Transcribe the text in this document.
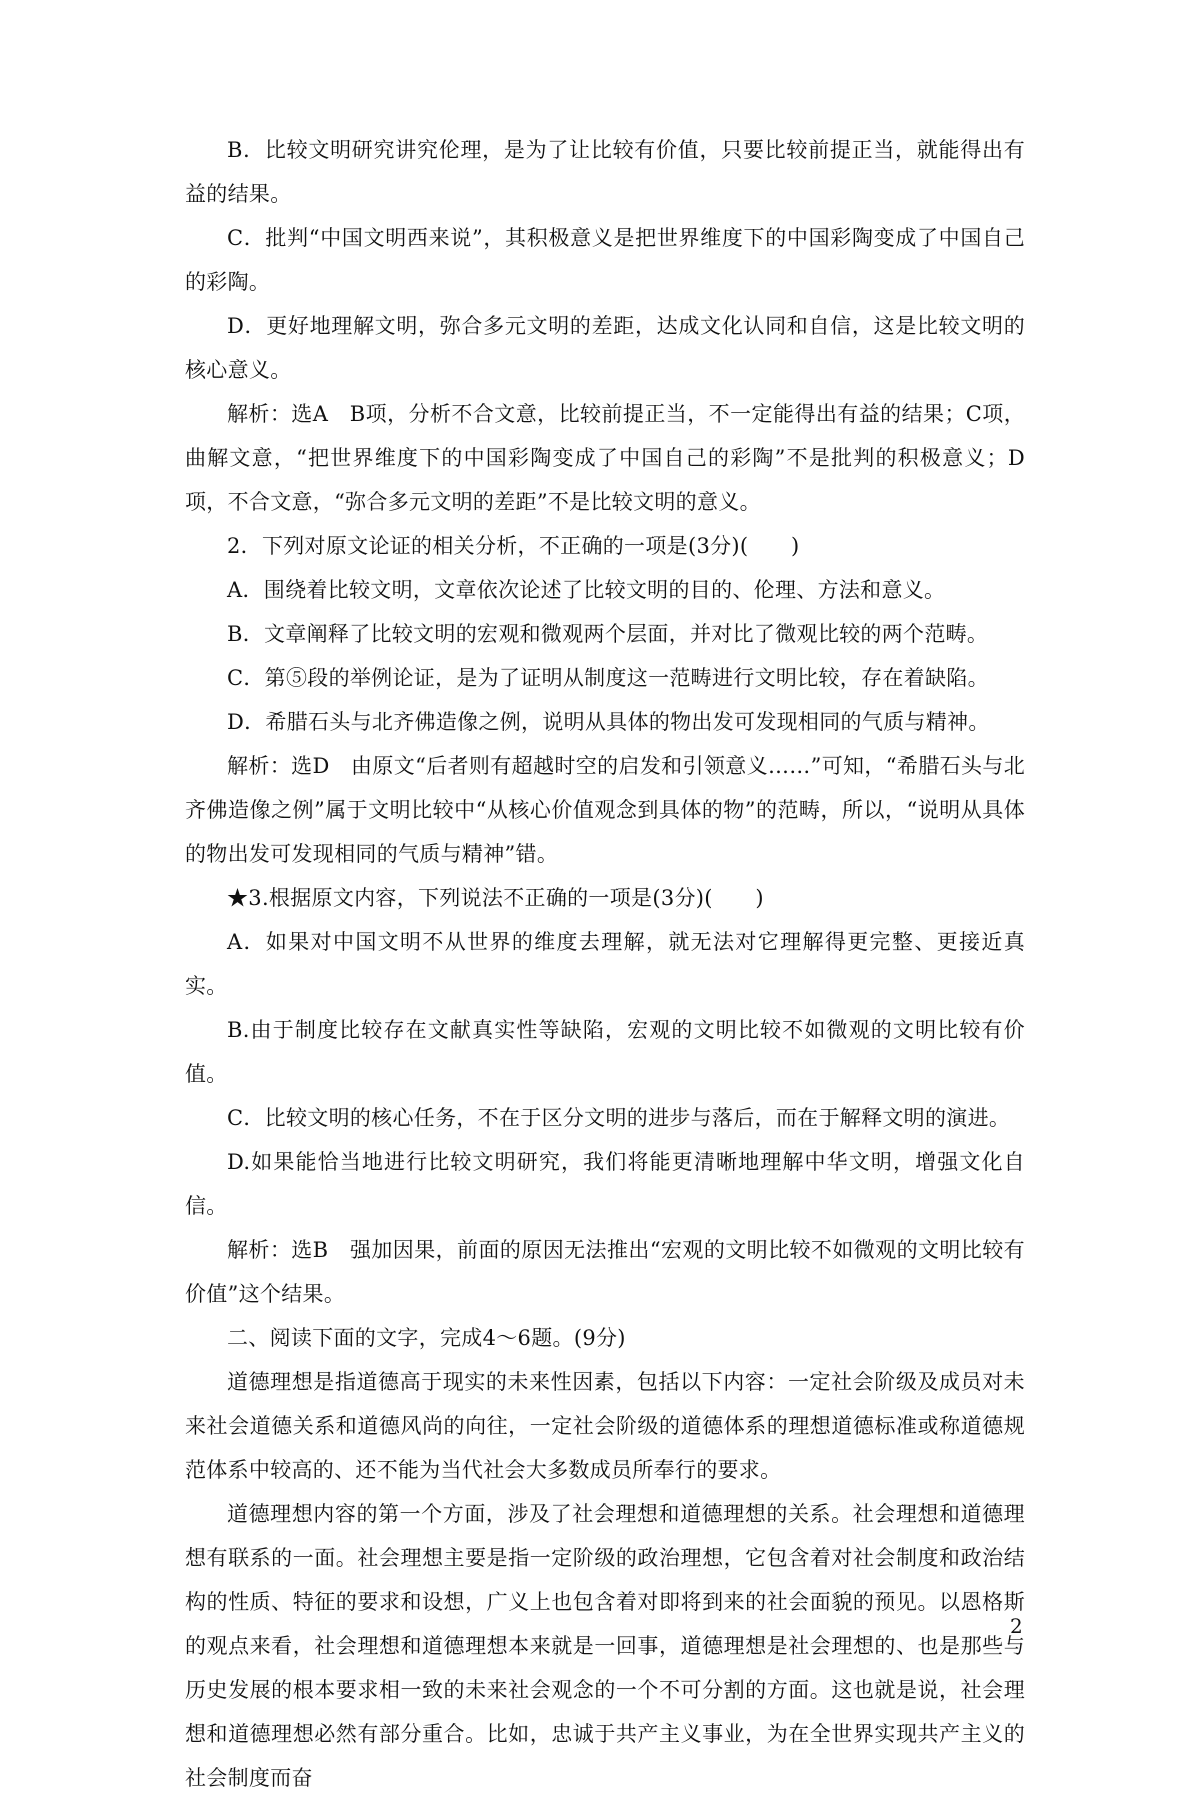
B．比较文明研究讲究伦理，是为了让比较有价值，只要比较前提正当，就能得出有益的结果。

C．批判“中国文明西来说”，其积极意义是把世界维度下的中国彩陶变成了中国自己的彩陶。

D．更好地理解文明，弥合多元文明的差距，达成文化认同和自信，这是比较文明的核心意义。

解析：选A　B项，分析不合文意，比较前提正当，不一定能得出有益的结果；C项，曲解文意，“把世界维度下的中国彩陶变成了中国自己的彩陶”不是批判的积极意义；D项，不合文意，“弥合多元文明的差距”不是比较文明的意义。

2．下列对原文论证的相关分析，不正确的一项是(3分)(　　)

A．围绕着比较文明，文章依次论述了比较文明的目的、伦理、方法和意义。

B．文章阐释了比较文明的宏观和微观两个层面，并对比了微观比较的两个范畴。

C．第⑤段的举例论证，是为了证明从制度这一范畴进行文明比较，存在着缺陷。

D．希腊石头与北齐佛造像之例，说明从具体的物出发可发现相同的气质与精神。

解析：选D　由原文“后者则有超越时空的启发和引领意义……”可知，“希腊石头与北齐佛造像之例”属于文明比较中“从核心价值观念到具体的物”的范畴，所以，“说明从具体的物出发可发现相同的气质与精神”错。

★3.根据原文内容，下列说法不正确的一项是(3分)(　　)

A．如果对中国文明不从世界的维度去理解，就无法对它理解得更完整、更接近真实。

B.由于制度比较存在文献真实性等缺陷，宏观的文明比较不如微观的文明比较有价值。

C．比较文明的核心任务，不在于区分文明的进步与落后，而在于解释文明的演进。

D.如果能恰当地进行比较文明研究，我们将能更清晰地理解中华文明，增强文化自信。

解析：选B　强加因果，前面的原因无法推出“宏观的文明比较不如微观的文明比较有价值”这个结果。

二、阅读下面的文字，完成4～6题。(9分)

道德理想是指道德高于现实的未来性因素，包括以下内容：一定社会阶级及成员对未来社会道德关系和道德风尚的向往，一定社会阶级的道德体系的理想道德标准或称道德规范体系中较高的、还不能为当代社会大多数成员所奉行的要求。

道德理想内容的第一个方面，涉及了社会理想和道德理想的关系。社会理想和道德理想有联系的一面。社会理想主要是指一定阶级的政治理想，它包含着对社会制度和政治结构的性质、特征的要求和设想，广义上也包含着对即将到来的社会面貌的预见。以恩格斯的观点来看，社会理想和道德理想本来就是一回事，道德理想是社会理想的、也是那些与历史发展的根本要求相一致的未来社会观念的一个不可分割的方面。这也就是说，社会理想和道德理想必然有部分重合。比如，忠诚于共产主义事业，为在全世界实现共产主义的社会制度而奋

2
